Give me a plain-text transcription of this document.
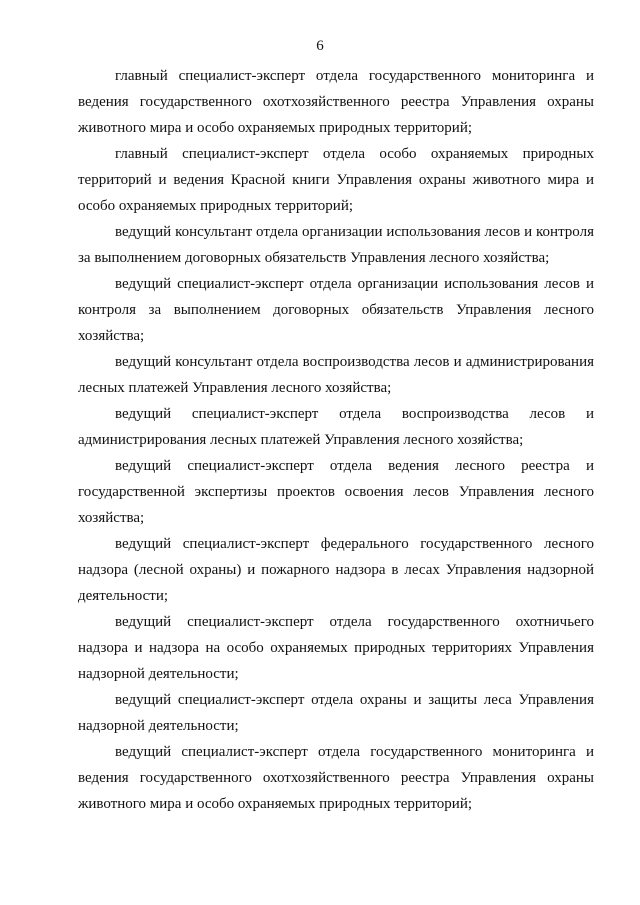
6

главный специалист-эксперт отдела государственного мониторинга и ведения государственного охотхозяйственного реестра Управления охраны животного мира и особо охраняемых природных территорий;

главный специалист-эксперт отдела особо охраняемых природных территорий и ведения Красной книги Управления охраны животного мира и особо охраняемых природных территорий;

ведущий консультант отдела организации использования лесов и контроля за выполнением договорных обязательств Управления лесного хозяйства;

ведущий специалист-эксперт отдела организации использования лесов и контроля за выполнением договорных обязательств Управления лесного хозяйства;

ведущий консультант отдела воспроизводства лесов и администрирования лесных платежей Управления лесного хозяйства;

ведущий специалист-эксперт отдела воспроизводства лесов и администрирования лесных платежей Управления лесного хозяйства;

ведущий специалист-эксперт отдела ведения лесного реестра и государственной экспертизы проектов освоения лесов Управления лесного хозяйства;

ведущий специалист-эксперт федерального государственного лесного надзора (лесной охраны) и пожарного надзора в лесах Управления надзорной деятельности;

ведущий специалист-эксперт отдела государственного охотничьего надзора и надзора на особо охраняемых природных территориях Управления надзорной деятельности;

ведущий специалист-эксперт отдела охраны и защиты леса Управления надзорной деятельности;

ведущий специалист-эксперт отдела государственного мониторинга и ведения государственного охотхозяйственного реестра Управления охраны животного мира и особо охраняемых природных территорий;
